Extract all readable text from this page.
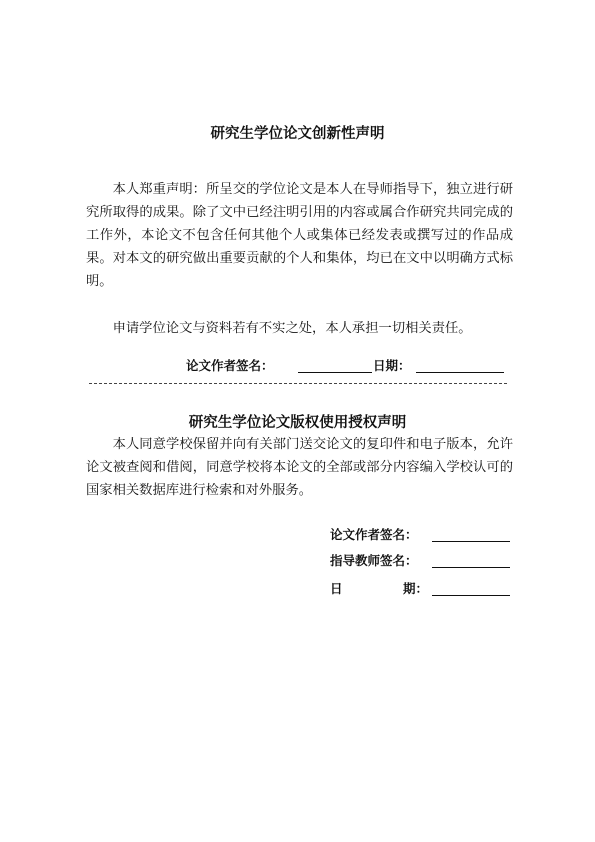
研究生学位论文创新性声明
本人郑重声明：所呈交的学位论文是本人在导师指导下，独立进行研究所取得的成果。除了文中已经注明引用的内容或属合作研究共同完成的工作外，本论文不包含任何其他个人或集体已经发表或撰写过的作品成果。对本文的研究做出重要贡献的个人和集体，均已在文中以明确方式标明。
申请学位论文与资料若有不实之处，本人承担一切相关责任。
论文作者签名：	日期：
研究生学位论文版权使用授权声明
本人同意学校保留并向有关部门送交论文的复印件和电子版本，允许论文被查阅和借阅，同意学校将本论文的全部或部分内容编入学校认可的国家相关数据库进行检索和对外服务。
论文作者签名：
指导教师签名：
日	期：
